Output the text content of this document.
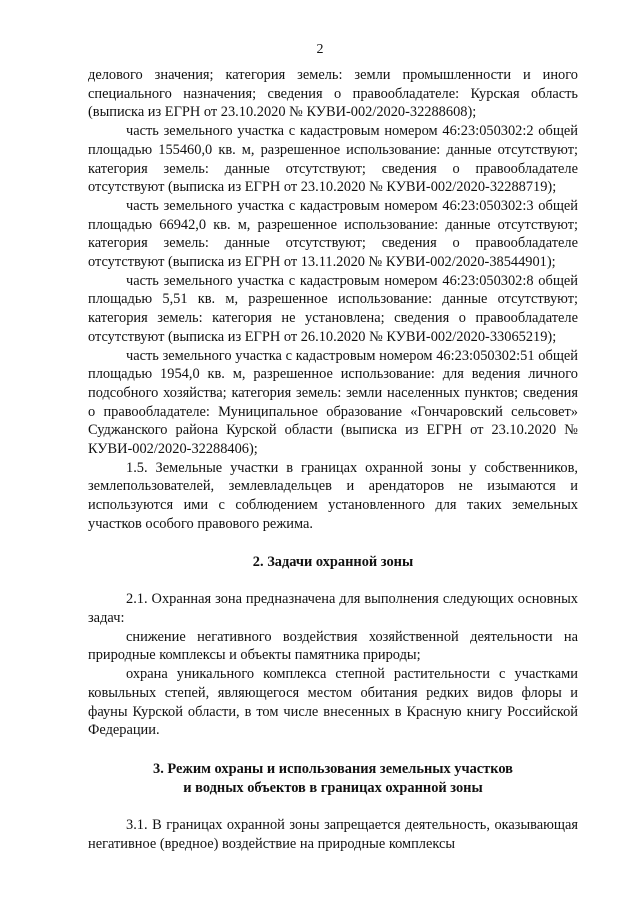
2

делового значения; категория земель: земли промышленности и иного специального назначения; сведения о правообладателе: Курская область (выписка из ЕГРН от 23.10.2020 № КУВИ-002/2020-32288608);

часть земельного участка с кадастровым номером 46:23:050302:2 общей площадью 155460,0 кв. м, разрешенное использование: данные отсутствуют; категория земель: данные отсутствуют; сведения о правообладателе отсутствуют (выписка из ЕГРН от 23.10.2020 № КУВИ-002/2020-32288719);

часть земельного участка с кадастровым номером 46:23:050302:3 общей площадью 66942,0 кв. м, разрешенное использование: данные отсутствуют; категория земель: данные отсутствуют; сведения о правообладателе отсутствуют (выписка из ЕГРН от 13.11.2020 № КУВИ-002/2020-38544901);

часть земельного участка с кадастровым номером 46:23:050302:8 общей площадью 5,51 кв. м, разрешенное использование: данные отсутствуют; категория земель: категория не установлена; сведения о правообладателе отсутствуют (выписка из ЕГРН от 26.10.2020 № КУВИ-002/2020-33065219);

часть земельного участка с кадастровым номером 46:23:050302:51 общей площадью 1954,0 кв. м, разрешенное использование: для ведения личного подсобного хозяйства; категория земель: земли населенных пунктов; сведения о правообладателе: Муниципальное образование «Гончаровский сельсовет» Суджанского района Курской области (выписка из ЕГРН от 23.10.2020 № КУВИ-002/2020-32288406);

1.5. Земельные участки в границах охранной зоны у собственников, землепользователей, землевладельцев и арендаторов не изымаются и используются ими с соблюдением установленного для таких земельных участков особого правового режима.

2. Задачи охранной зоны

2.1. Охранная зона предназначена для выполнения следующих основных задач:

снижение негативного воздействия хозяйственной деятельности на природные комплексы и объекты памятника природы;

охрана уникального комплекса степной растительности с участками ковыльных степей, являющегося местом обитания редких видов флоры и фауны Курской области, в том числе внесенных в Красную книгу Российской Федерации.

3. Режим охраны и использования земельных участков

и водных объектов в границах охранной зоны

3.1. В границах охранной зоны запрещается деятельность, оказывающая негативное (вредное) воздействие на природные комплексы
